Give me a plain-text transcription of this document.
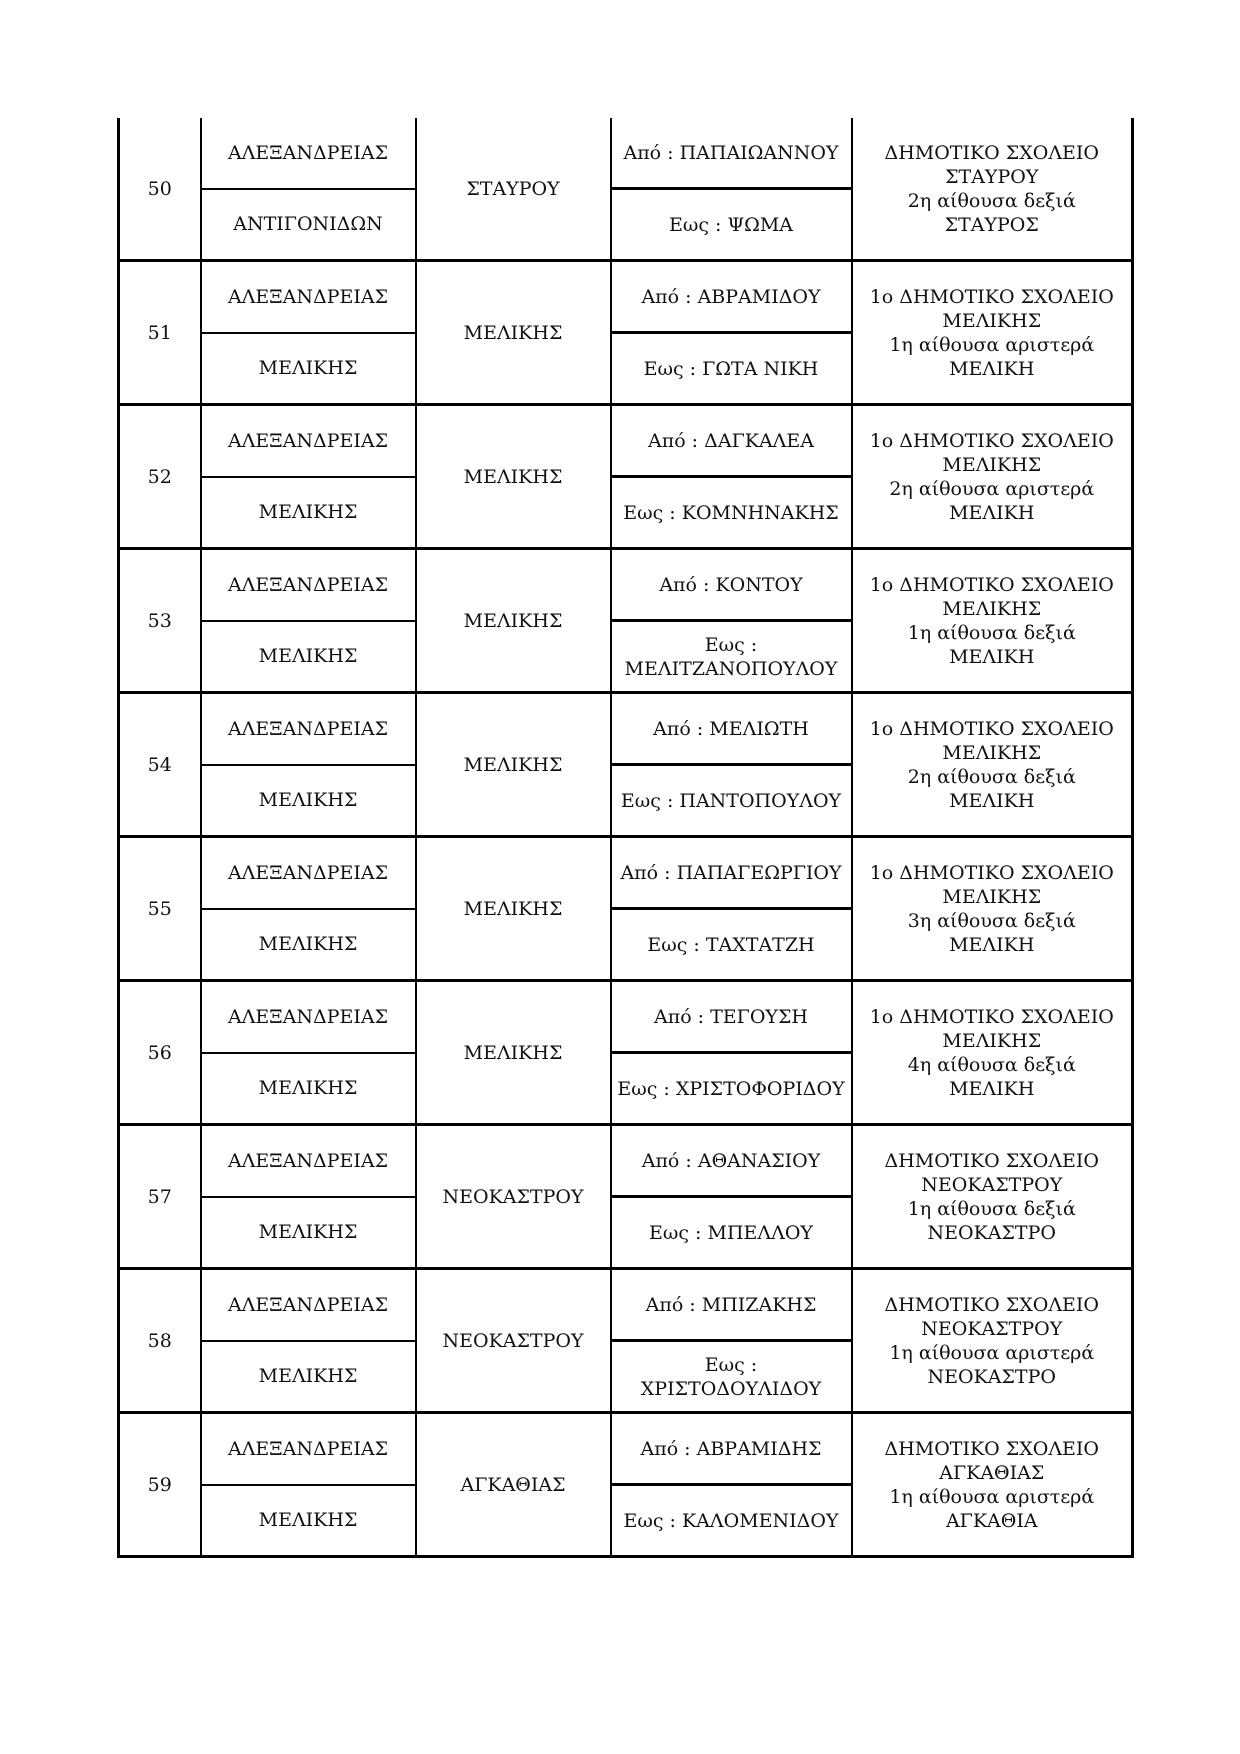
50	ΑΛΕΞΑΝΔΡΕΙΑΣ	ΣΤΑΥΡΟΥ	Από : ΠΑΠΑΙΩΑΝΝΟΥ	ΔΗΜΟΤΙΚΟ ΣΧΟΛΕΙΟ
ΣΤΑΥΡΟΥ
2η αίθουσα δεξιά
ΣΤΑΥΡΟΣ

	ΑΝΤΙΓΟΝΙΔΩΝ		Εως : ΨΩΜΑ	
51	ΑΛΕΞΑΝΔΡΕΙΑΣ	ΜΕΛΙΚΗΣ	Από : ΑΒΡΑΜΙΔΟΥ	1ο ΔΗΜΟΤΙΚΟ ΣΧΟΛΕΙΟ
ΜΕΛΙΚΗΣ
1η αίθουσα αριστερά
ΜΕΛΙΚΗ

	ΜΕΛΙΚΗΣ		Εως : ΓΩΤΑ ΝΙΚΗ	
52	ΑΛΕΞΑΝΔΡΕΙΑΣ	ΜΕΛΙΚΗΣ	Από : ΔΑΓΚΑΛΕΑ	1ο ΔΗΜΟΤΙΚΟ ΣΧΟΛΕΙΟ
ΜΕΛΙΚΗΣ
2η αίθουσα αριστερά
ΜΕΛΙΚΗ

	ΜΕΛΙΚΗΣ		Εως : ΚΟΜΝΗΝΑΚΗΣ	
53	ΑΛΕΞΑΝΔΡΕΙΑΣ	ΜΕΛΙΚΗΣ	Από : ΚΟΝΤΟΥ	1ο ΔΗΜΟΤΙΚΟ ΣΧΟΛΕΙΟ
ΜΕΛΙΚΗΣ
1η αίθουσα δεξιά
ΜΕΛΙΚΗ

	ΜΕΛΙΚΗΣ		Εως : ΜΕΛΙΤΖΑΝΟΠΟΥΛΟΥ	
54	ΑΛΕΞΑΝΔΡΕΙΑΣ	ΜΕΛΙΚΗΣ	Από : ΜΕΛΙΩΤΗ	1ο ΔΗΜΟΤΙΚΟ ΣΧΟΛΕΙΟ
ΜΕΛΙΚΗΣ
2η αίθουσα δεξιά
ΜΕΛΙΚΗ

	ΜΕΛΙΚΗΣ		Εως : ΠΑΝΤΟΠΟΥΛΟΥ	
55	ΑΛΕΞΑΝΔΡΕΙΑΣ	ΜΕΛΙΚΗΣ	Από : ΠΑΠΑΓΕΩΡΓΙΟΥ	1ο ΔΗΜΟΤΙΚΟ ΣΧΟΛΕΙΟ
ΜΕΛΙΚΗΣ
3η αίθουσα δεξιά
ΜΕΛΙΚΗ

	ΜΕΛΙΚΗΣ		Εως : ΤΑΧΤΑΤΖΗ	
56	ΑΛΕΞΑΝΔΡΕΙΑΣ	ΜΕΛΙΚΗΣ	Από : ΤΕΓΟΥΣΗ	1ο ΔΗΜΟΤΙΚΟ ΣΧΟΛΕΙΟ
ΜΕΛΙΚΗΣ
4η αίθουσα δεξιά
ΜΕΛΙΚΗ

	ΜΕΛΙΚΗΣ		Εως : ΧΡΙΣΤΟΦΟΡΙΔΟΥ	
57	ΑΛΕΞΑΝΔΡΕΙΑΣ	ΝΕΟΚΑΣΤΡΟΥ	Από : ΑΘΑΝΑΣΙΟΥ	ΔΗΜΟΤΙΚΟ ΣΧΟΛΕΙΟ
ΝΕΟΚΑΣΤΡΟΥ
1η αίθουσα δεξιά
ΝΕΟΚΑΣΤΡΟ

	ΜΕΛΙΚΗΣ		Εως : ΜΠΕΛΛΟΥ	
58	ΑΛΕΞΑΝΔΡΕΙΑΣ	ΝΕΟΚΑΣΤΡΟΥ	Από : ΜΠΙΖΑΚΗΣ	ΔΗΜΟΤΙΚΟ ΣΧΟΛΕΙΟ
ΝΕΟΚΑΣΤΡΟΥ
1η αίθουσα αριστερά
ΝΕΟΚΑΣΤΡΟ

	ΜΕΛΙΚΗΣ		Εως : ΧΡΙΣΤΟΔΟΥΛΙΔΟΥ	
59	ΑΛΕΞΑΝΔΡΕΙΑΣ	ΑΓΚΑΘΙΑΣ	Από : ΑΒΡΑΜΙΔΗΣ	ΔΗΜΟΤΙΚΟ ΣΧΟΛΕΙΟ
ΑΓΚΑΘΙΑΣ
1η αίθουσα αριστερά
ΑΓΚΑΘΙΑ

	ΜΕΛΙΚΗΣ		Εως : ΚΑΛΟΜΕΝΙΔΟΥ	
